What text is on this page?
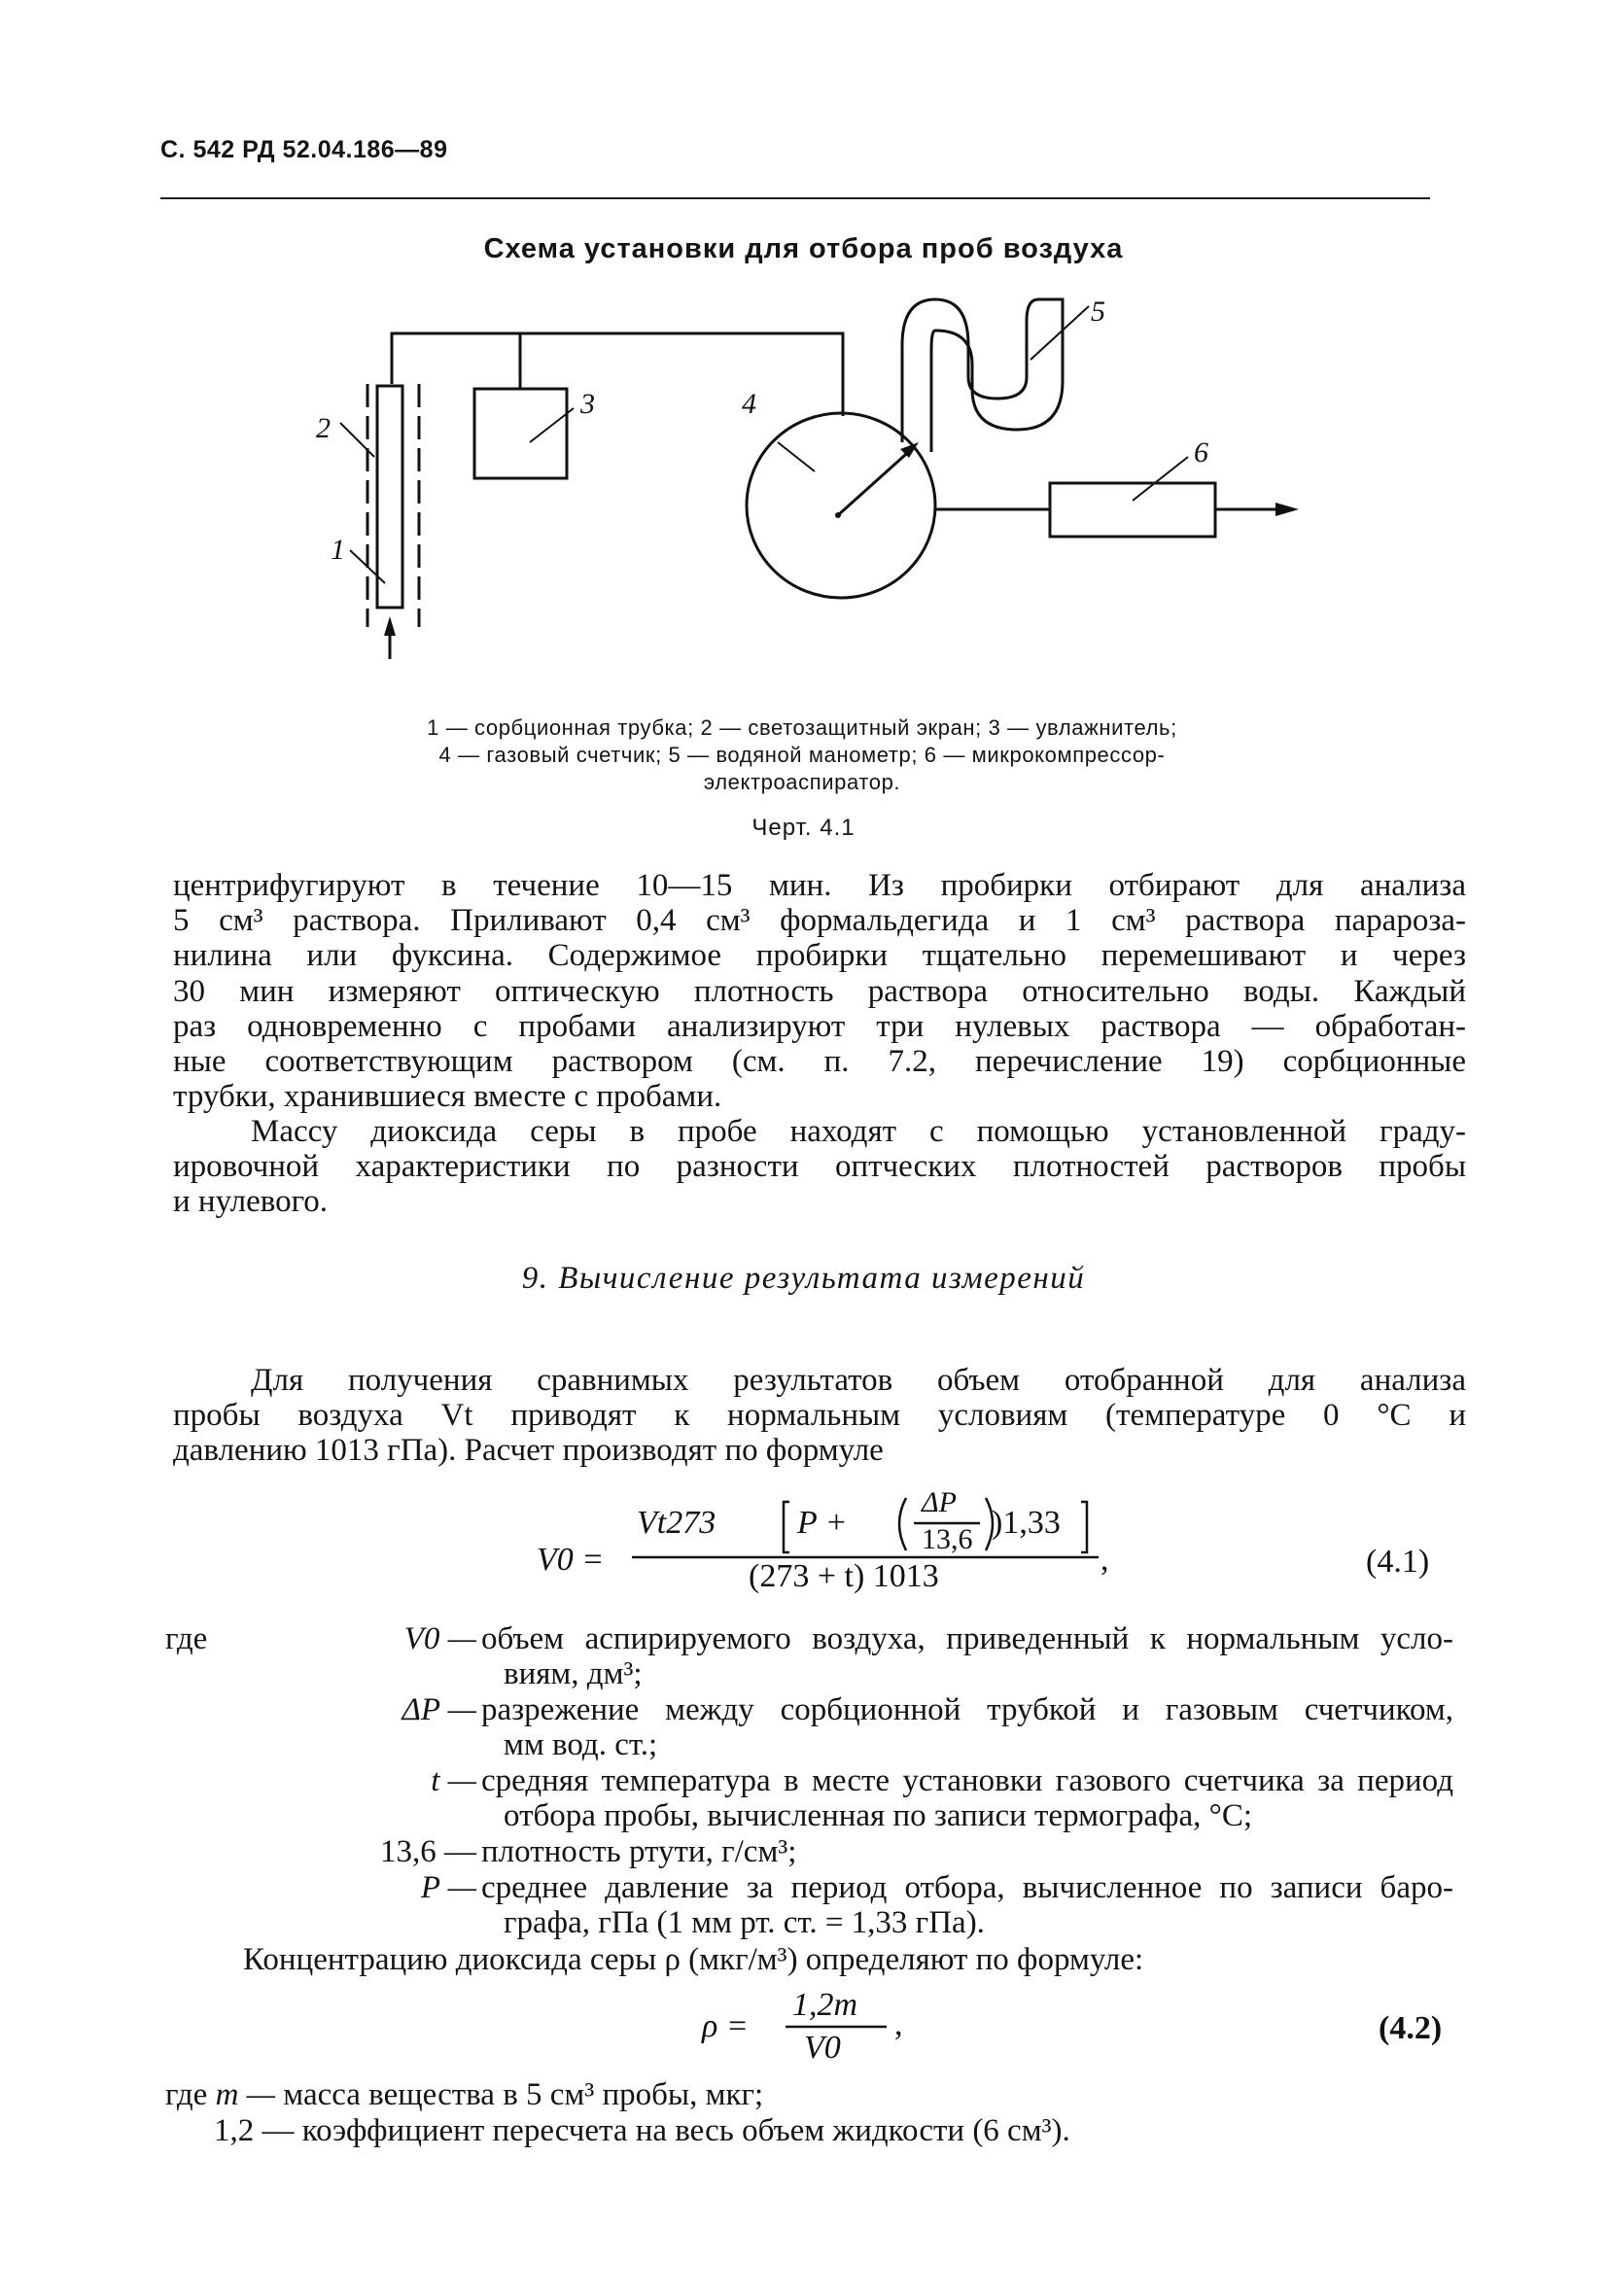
С. 542 РД 52.04.186—89
Схема установки для отбора проб воздуха
1
2
3	4
5
6
1 — сорбционная трубка; 2 — светозащитный экран; 3 — увлажнитель;
4 — газовый счетчик; 5 — водяной манометр; 6 — микрокомпрессор-
электроаспиратор.
Черт. 4.1
центрифугируют в течение 10—15 мин. Из пробирки отбирают для анализа
5 см³ раствора. Приливают 0,4 см³ формальдегида и 1 см³ раствора парарозa-
нилина или фуксина. Содержимое пробирки тщательно перемешивают и через
30 мин измеряют оптическую плотность раствора относительно воды. Каждый
раз одновременно с пробами анализируют три нулевых раствора — обработан-
ные соответствующим раствором (см. п. 7.2, перечисление 19) сорбционные
трубки, хранившиеся вместе с пробами.
Массу диоксида серы в пробе находят с помощью установленной граду-
ировочной характеристики по разности оптческих плотностей растворов пробы
и нулевого.
9. Вычисление результата измерений
Для получения сравнимых результатов объем отобранной для анализа
пробы воздуха Vt приводят к нормальным условиям (температуре 0 °С и
давлению 1013 гПа). Расчет производят по формуле
V0 =
Vt273 P +
ΔP
13,6 )1,33
(273 + t) 1013	,	(4.1)
где	V0 — объем аспирируемого воздуха, приведенный к нормальным усло-
виям, дм³;
ΔP — разрежение между сорбционной трубкой и газовым счетчиком,
мм вод. ст.;
t — средняя температура в месте установки газового счетчика за период
отбора пробы, вычисленная по записи термографа, °С;
13,6 — плотность ртути, г/см³;
P — среднее давление за период отбора, вычисленное по записи баро-
графа, гПа (1 мм рт. ст. = 1,33 гПа).
Концентрацию диоксида серы ρ (мкг/м³) определяют по формуле:
ρ =
1,2m
V0
,	(4.2)
где m — масса вещества в 5 см³ пробы, мкг;
1,2 — коэффициент пересчета на весь объем жидкости (6 см³).
